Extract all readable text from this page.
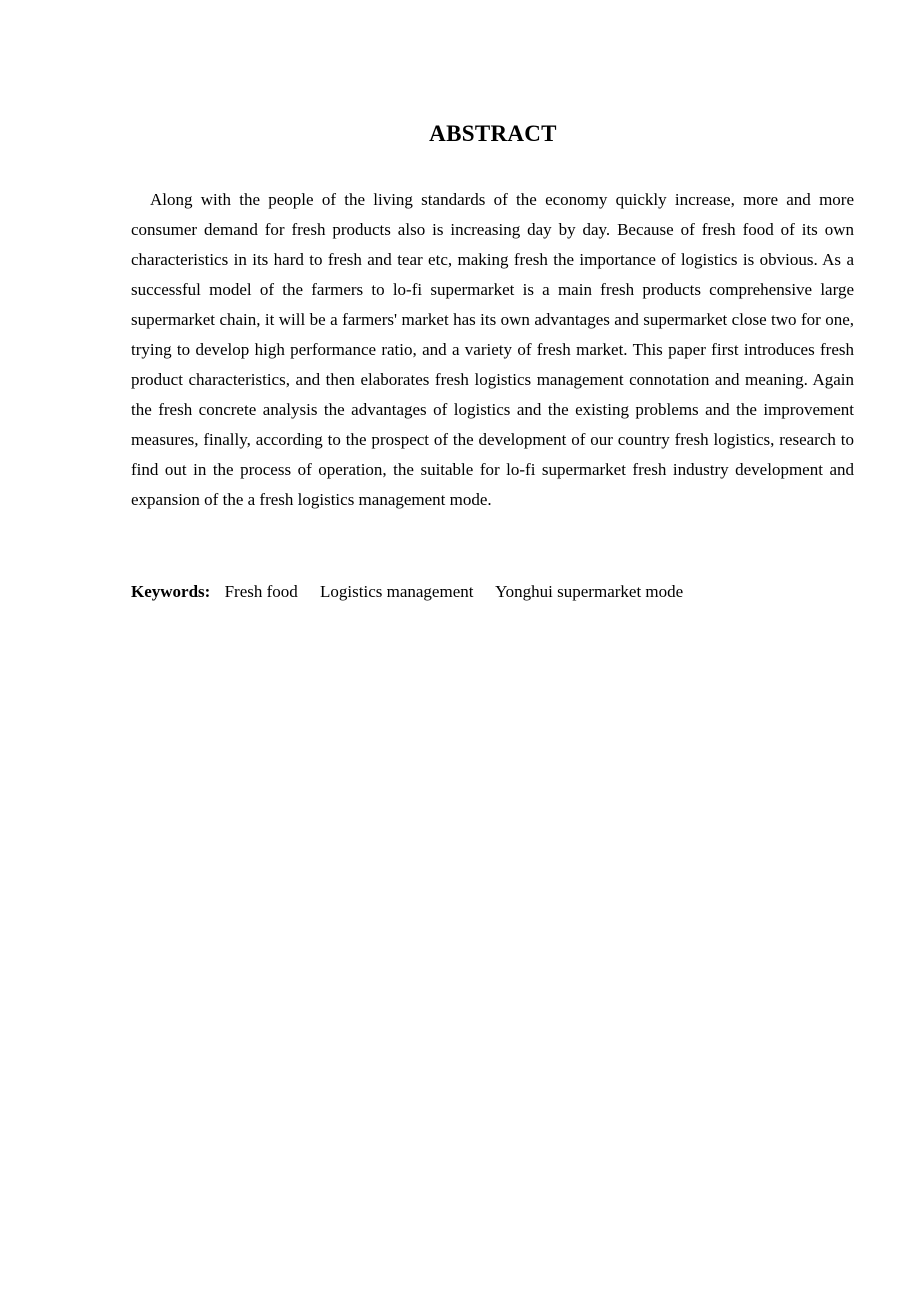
ABSTRACT

Along with the people of the living standards of the economy quickly increase, more and more consumer demand for fresh products also is increasing day by day. Because of fresh food of its own characteristics in its hard to fresh and tear etc, making fresh the importance of logistics is obvious. As a successful model of the farmers to lo-fi supermarket is a main fresh products comprehensive large supermarket chain, it will be a farmers' market has its own advantages and supermarket close two for one, trying to develop high performance ratio, and a variety of fresh market. This paper first introduces fresh product characteristics, and then elaborates fresh logistics management connotation and meaning. Again the fresh concrete analysis the advantages of logistics and the existing problems and the improvement measures, finally, according to the prospect of the development of our country fresh logistics, research to find out in the process of operation, the suitable for lo-fi supermarket fresh industry development and expansion of the a fresh logistics management mode.

Keywords: Fresh food Logistics management Yonghui supermarket mode
